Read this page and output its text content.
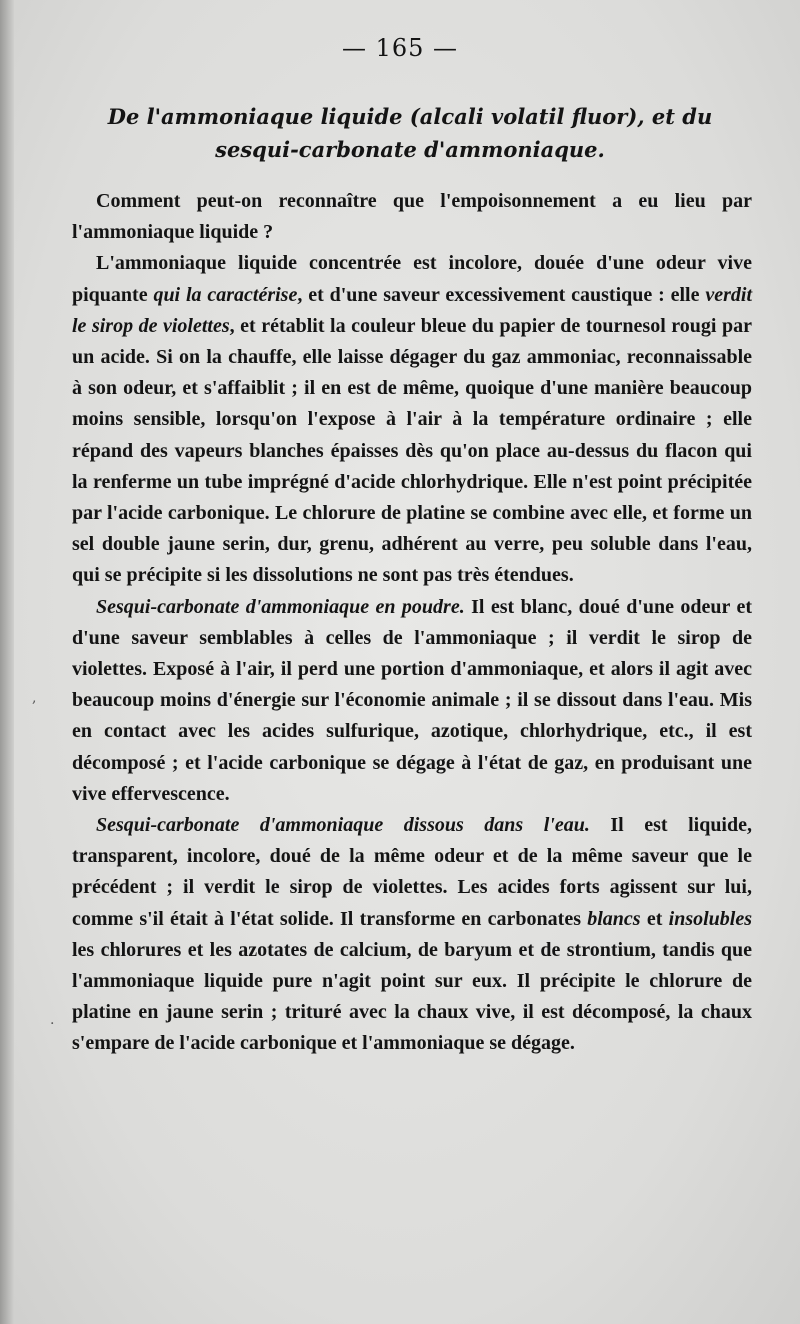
— 165 —
De l'ammoniaque liquide (alcali volatil fluor), et du
sesqui-carbonate d'ammoniaque.

Comment peut-on reconnaître que l'empoisonnement a eu lieu par l'ammoniaque liquide ?

L'ammoniaque liquide concentrée est incolore, douée d'une odeur vive piquante qui la caractérise, et d'une saveur excessivement caustique : elle verdit le sirop de violettes, et rétablit la couleur bleue du papier de tournesol rougi par un acide. Si on la chauffe, elle laisse dégager du gaz ammoniac, reconnaissable à son odeur, et s'affaiblit ; il en est de même, quoique d'une manière beaucoup moins sensible, lorsqu'on l'expose à l'air à la température ordinaire ; elle répand des vapeurs blanches épaisses dès qu'on place au-dessus du flacon qui la renferme un tube imprégné d'acide chlorhydrique. Elle n'est point précipitée par l'acide carbonique. Le chlorure de platine se combine avec elle, et forme un sel double jaune serin, dur, grenu, adhérent au verre, peu soluble dans l'eau, qui se précipite si les dissolutions ne sont pas très étendues.

Sesqui-carbonate d'ammoniaque en poudre. Il est blanc, doué d'une odeur et d'une saveur semblables à celles de l'ammoniaque ; il verdit le sirop de violettes. Exposé à l'air, il perd une portion d'ammoniaque, et alors il agit avec beaucoup moins d'énergie sur l'économie animale ; il se dissout dans l'eau. Mis en contact avec les acides sulfurique, azotique, chlorhydrique, etc., il est décomposé ; et l'acide carbonique se dégage à l'état de gaz, en produisant une vive effervescence.

Sesqui-carbonate d'ammoniaque dissous dans l'eau. Il est liquide, transparent, incolore, doué de la même odeur et de la même saveur que le précédent ; il verdit le sirop de violettes. Les acides forts agissent sur lui, comme s'il était à l'état solide. Il transforme en carbonates blancs et insolubles les chlorures et les azotates de calcium, de baryum et de strontium, tandis que l'ammoniaque liquide pure n'agit point sur eux. Il précipite le chlorure de platine en jaune serin ; trituré avec la chaux vive, il est décomposé, la chaux s'empare de l'acide carbonique et l'ammoniaque se dégage.

,
.
